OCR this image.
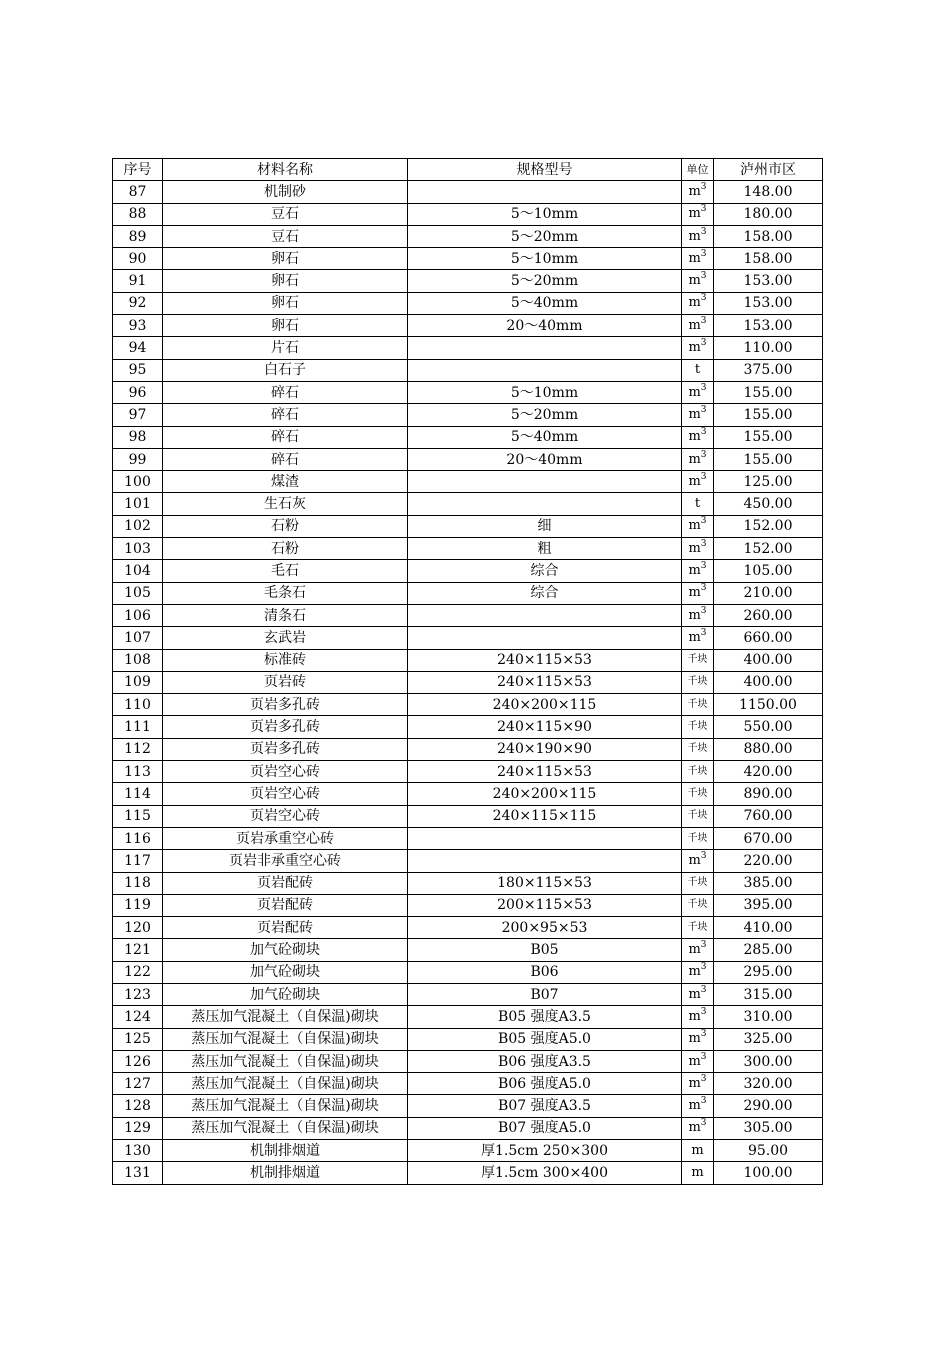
序号	材料名称	规格型号	单位	泸州市区
87	机制砂		$m^3$	148.00
88	豆石	5～10mm	$m^3$	180.00
89	豆石	5～20mm	$m^3$	158.00
90	卵石	5～10mm	$m^3$	158.00
91	卵石	5～20mm	$m^3$	153.00
92	卵石	5～40mm	$m^3$	153.00
93	卵石	20～40mm	$m^3$	153.00
94	片石		$m^3$	110.00
95	白石子		t	375.00
96	碎石	5～10mm	$m^3$	155.00
97	碎石	5～20mm	$m^3$	155.00
98	碎石	5～40mm	$m^3$	155.00
99	碎石	20～40mm	$m^3$	155.00
100	煤渣		$m^3$	125.00
101	生石灰		t	450.00
102	石粉	细	$m^3$	152.00
103	石粉	粗	$m^3$	152.00
104	毛石	综合	$m^3$	105.00
105	毛条石	综合	$m^3$	210.00
106	清条石		$m^3$	260.00
107	玄武岩		$m^3$	660.00
108	标准砖	240×115×53	千块	400.00
109	页岩砖	240×115×53	千块	400.00
110	页岩多孔砖	240×200×115	千块	1150.00
111	页岩多孔砖	240×115×90	千块	550.00
112	页岩多孔砖	240×190×90	千块	880.00
113	页岩空心砖	240×115×53	千块	420.00
114	页岩空心砖	240×200×115	千块	890.00
115	页岩空心砖	240×115×115	千块	760.00
116	页岩承重空心砖		千块	670.00
117	页岩非承重空心砖		$m^3$	220.00
118	页岩配砖	180×115×53	千块	385.00
119	页岩配砖	200×115×53	千块	395.00
120	页岩配砖	200×95×53	千块	410.00
121	加气砼砌块	B05	$m^3$	285.00
122	加气砼砌块	B06	$m^3$	295.00
123	加气砼砌块	B07	$m^3$	315.00
124	蒸压加气混凝土（自保温)砌块	B05 强度A3.5	$m^3$	310.00
125	蒸压加气混凝土（自保温)砌块	B05 强度A5.0	$m^3$	325.00
126	蒸压加气混凝土（自保温)砌块	B06 强度A3.5	$m^3$	300.00
127	蒸压加气混凝土（自保温)砌块	B06 强度A5.0	$m^3$	320.00
128	蒸压加气混凝土（自保温)砌块	B07 强度A3.5	$m^3$	290.00
129	蒸压加气混凝土（自保温)砌块	B07 强度A5.0	$m^3$	305.00
130	机制排烟道	厚1.5cm 250×300	m	95.00
131	机制排烟道	厚1.5cm 300×400	m	100.00
